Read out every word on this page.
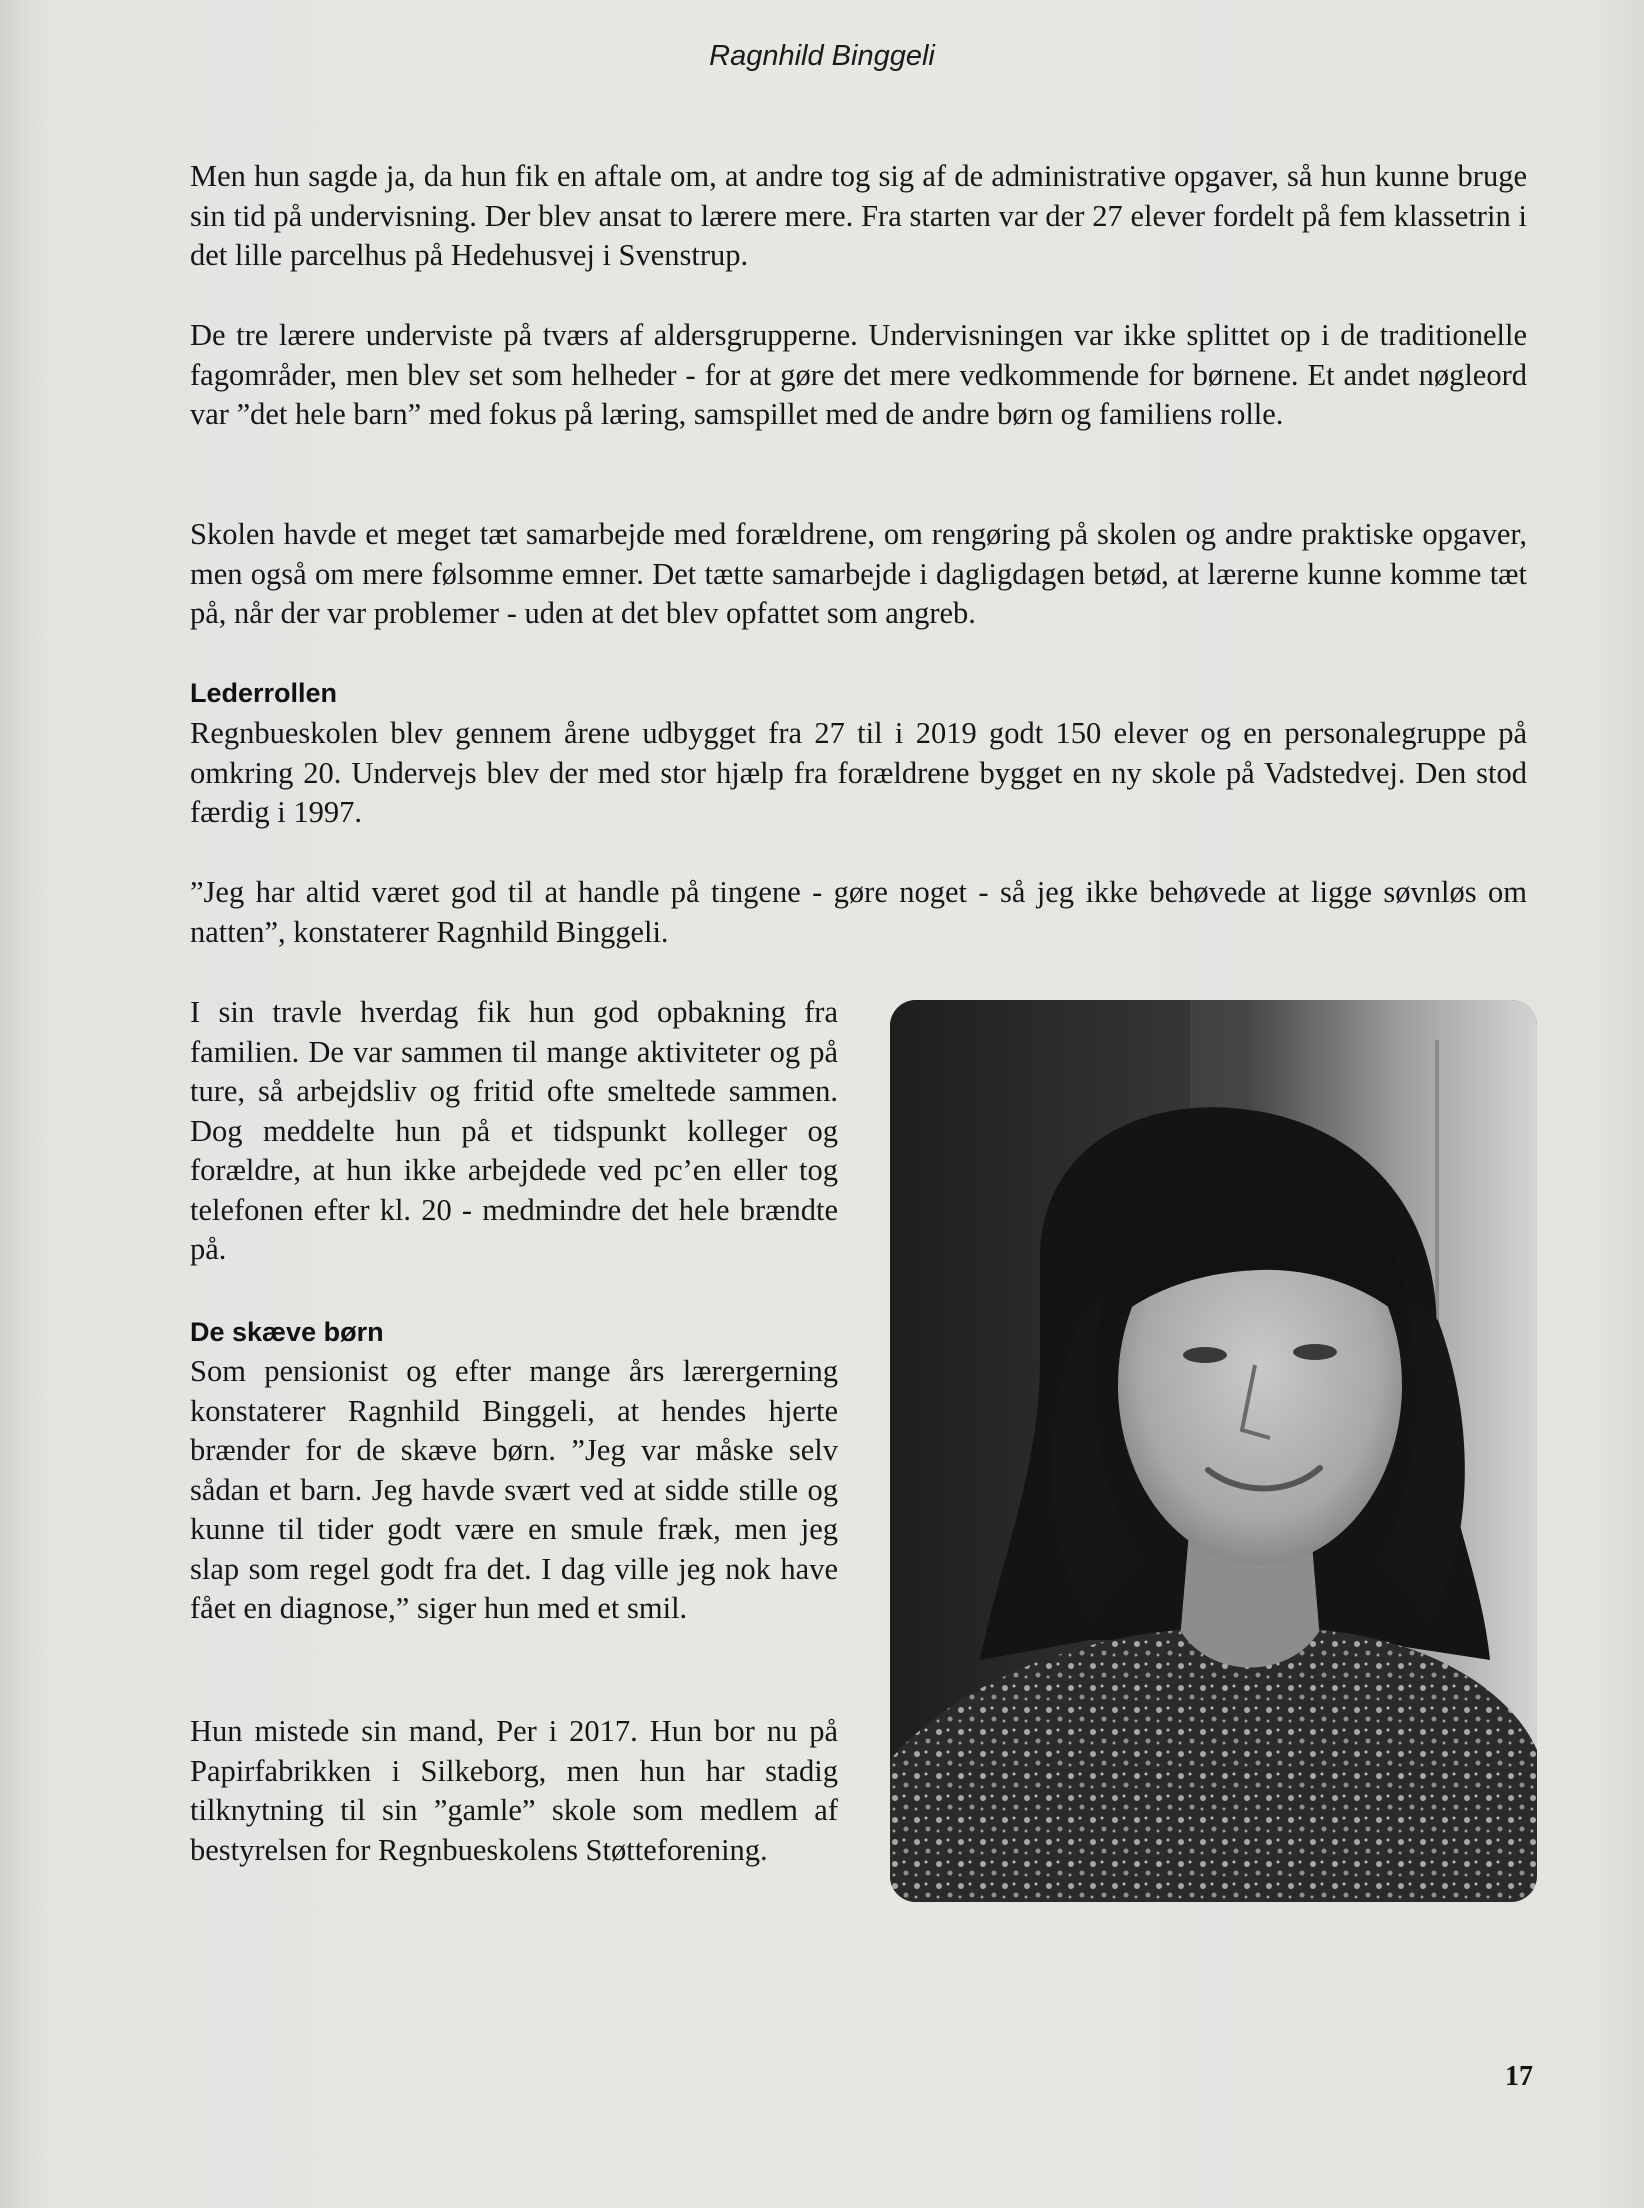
Ragnhild Binggeli

Men hun sagde ja, da hun fik en aftale om, at andre tog sig af de administrative opgaver, så hun kunne bruge sin tid på undervisning. Der blev ansat to lærere mere. Fra starten var der 27 elever fordelt på fem klassetrin i det lille parcelhus på Hedehusvej i Svenstrup.

De tre lærere underviste på tværs af aldersgrupperne. Undervisningen var ikke splittet op i de traditionelle fagområder, men blev set som helheder - for at gøre det mere vedkommende for børnene. Et andet nøgleord var ”det hele barn” med fokus på læring, samspillet med de andre børn og familiens rolle.

Skolen havde et meget tæt samarbejde med forældrene, om rengøring på skolen og andre praktiske opgaver, men også om mere følsomme emner. Det tætte samarbejde i dagligdagen betød, at lærerne kunne komme tæt på, når der var problemer - uden at det blev opfattet som angreb.

Lederrollen

Regnbueskolen blev gennem årene udbygget fra 27 til i 2019 godt 150 elever og en personalegruppe på omkring 20. Undervejs blev der med stor hjælp fra forældrene bygget en ny skole på Vadstedvej. Den stod færdig i 1997.

”Jeg har altid været god til at handle på tingene - gøre noget - så jeg ikke behøvede at ligge søvnløs om natten”, konstaterer Ragnhild Binggeli.

I sin travle hverdag fik hun god opbakning fra familien. De var sammen til mange aktiviteter og på ture, så arbejdsliv og fritid ofte smeltede sammen. Dog meddelte hun på et tidspunkt kolleger og forældre, at hun ikke arbejdede ved pc’en eller tog telefonen efter kl. 20 - medmindre det hele brændte på.

De skæve børn

Som pensionist og efter mange års lærergerning konstaterer Ragnhild Binggeli, at hendes hjerte brænder for de skæve børn. ”Jeg var måske selv sådan et barn. Jeg havde svært ved at sidde stille og kunne til tider godt være en smule fræk, men jeg slap som regel godt fra det. I dag ville jeg nok have fået en diagnose,” siger hun med et smil.

Hun mistede sin mand, Per i 2017. Hun bor nu på Papirfabrikken i Silkeborg, men hun har stadig tilknytning til sin ”gamle” skole som medlem af bestyrelsen for Regnbueskolens Støtteforening.

17
